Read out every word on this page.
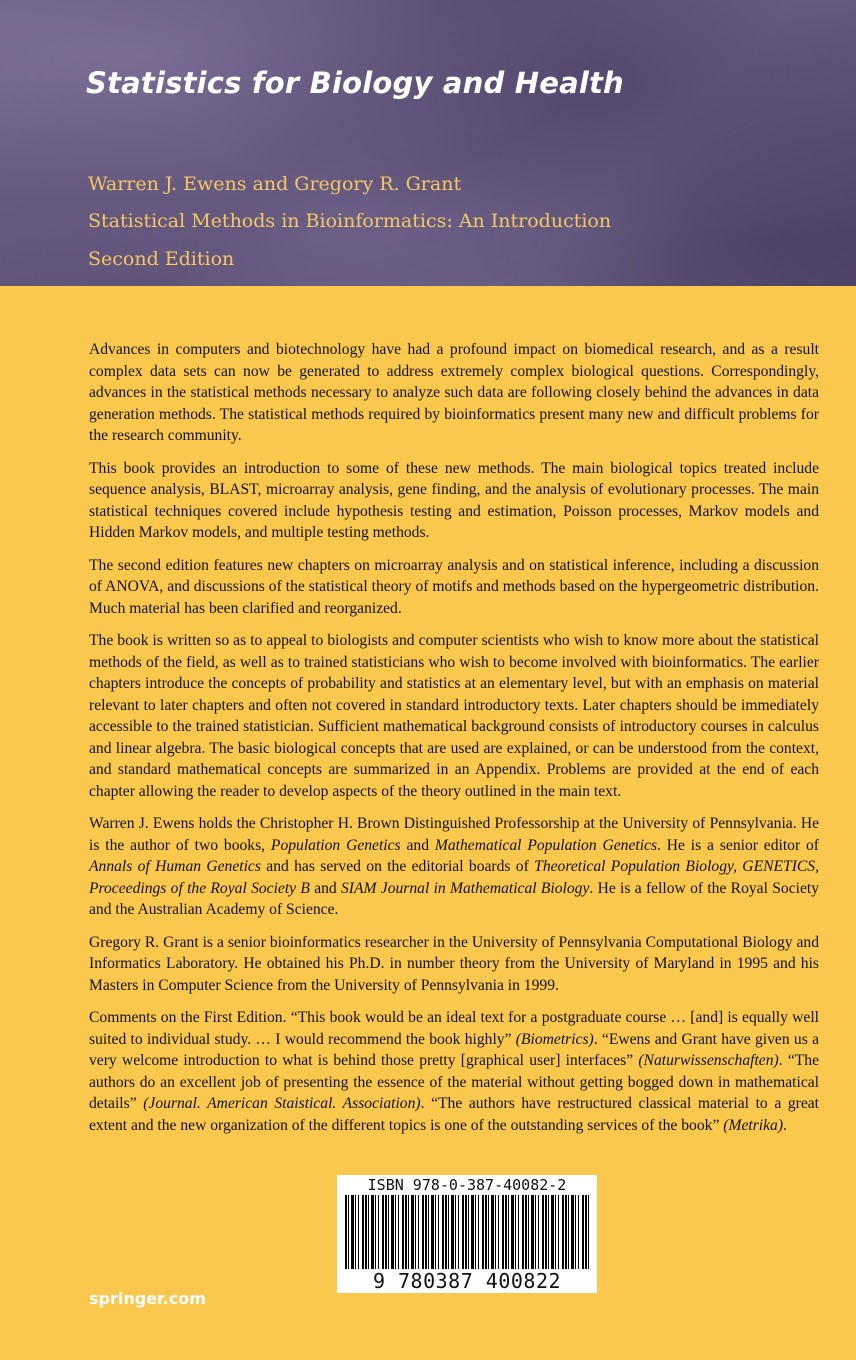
Statistics for Biology and Health
Warren J. Ewens and Gregory R. Grant
Statistical Methods in Bioinformatics: An Introduction
Second Edition

Advances in computers and biotechnology have had a profound impact on biomedical research, and as a result complex data sets can now be generated to address extremely complex biological questions. Correspondingly, advances in the statistical methods necessary to analyze such data are following closely behind the advances in data generation methods. The statistical methods required by bioinformatics present many new and difficult problems for the research community.

This book provides an introduction to some of these new methods. The main biological topics treated include sequence analysis, BLAST, microarray analysis, gene finding, and the analysis of evolutionary processes. The main statistical techniques covered include hypothesis testing and estimation, Poisson processes, Markov models and Hidden Markov models, and multiple testing methods.

The second edition features new chapters on microarray analysis and on statistical inference, including a discussion of ANOVA, and discussions of the statistical theory of motifs and methods based on the hypergeometric distribution. Much material has been clarified and reorganized.

The book is written so as to appeal to biologists and computer scientists who wish to know more about the statistical methods of the field, as well as to trained statisticians who wish to become involved with bioinformatics. The earlier chapters introduce the concepts of probability and statistics at an elementary level, but with an emphasis on material relevant to later chapters and often not covered in standard introductory texts. Later chapters should be immediately accessible to the trained statistician. Sufficient mathematical background consists of introductory courses in calculus and linear algebra. The basic biological concepts that are used are explained, or can be understood from the context, and standard mathematical concepts are summarized in an Appendix. Problems are provided at the end of each chapter allowing the reader to develop aspects of the theory outlined in the main text.

Warren J. Ewens holds the Christopher H. Brown Distinguished Professorship at the University of Pennsylvania. He is the author of two books, Population Genetics and Mathematical Population Genetics. He is a senior editor of Annals of Human Genetics and has served on the editorial boards of Theoretical Population Biology, GENETICS, Proceedings of the Royal Society B and SIAM Journal in Mathematical Biology. He is a fellow of the Royal Society and the Australian Academy of Science.

Gregory R. Grant is a senior bioinformatics researcher in the University of Pennsylvania Computational Biology and Informatics Laboratory. He obtained his Ph.D. in number theory from the University of Maryland in 1995 and his Masters in Computer Science from the University of Pennsylvania in 1999.

Comments on the First Edition. “This book would be an ideal text for a postgraduate course … [and] is equally well suited to individual study. … I would recommend the book highly” (Biometrics). “Ewens and Grant have given us a very welcome introduction to what is behind those pretty [graphical user] interfaces” (Naturwissenschaften). “The authors do an excellent job of presenting the essence of the material without getting bogged down in mathematical details” (Journal. American Staistical. Association). “The authors have restructured classical material to a great extent and the new organization of the different topics is one of the outstanding services of the book” (Metrika).

ISBN 978-0-387-40082-2
9 780387 400822
springer.com
